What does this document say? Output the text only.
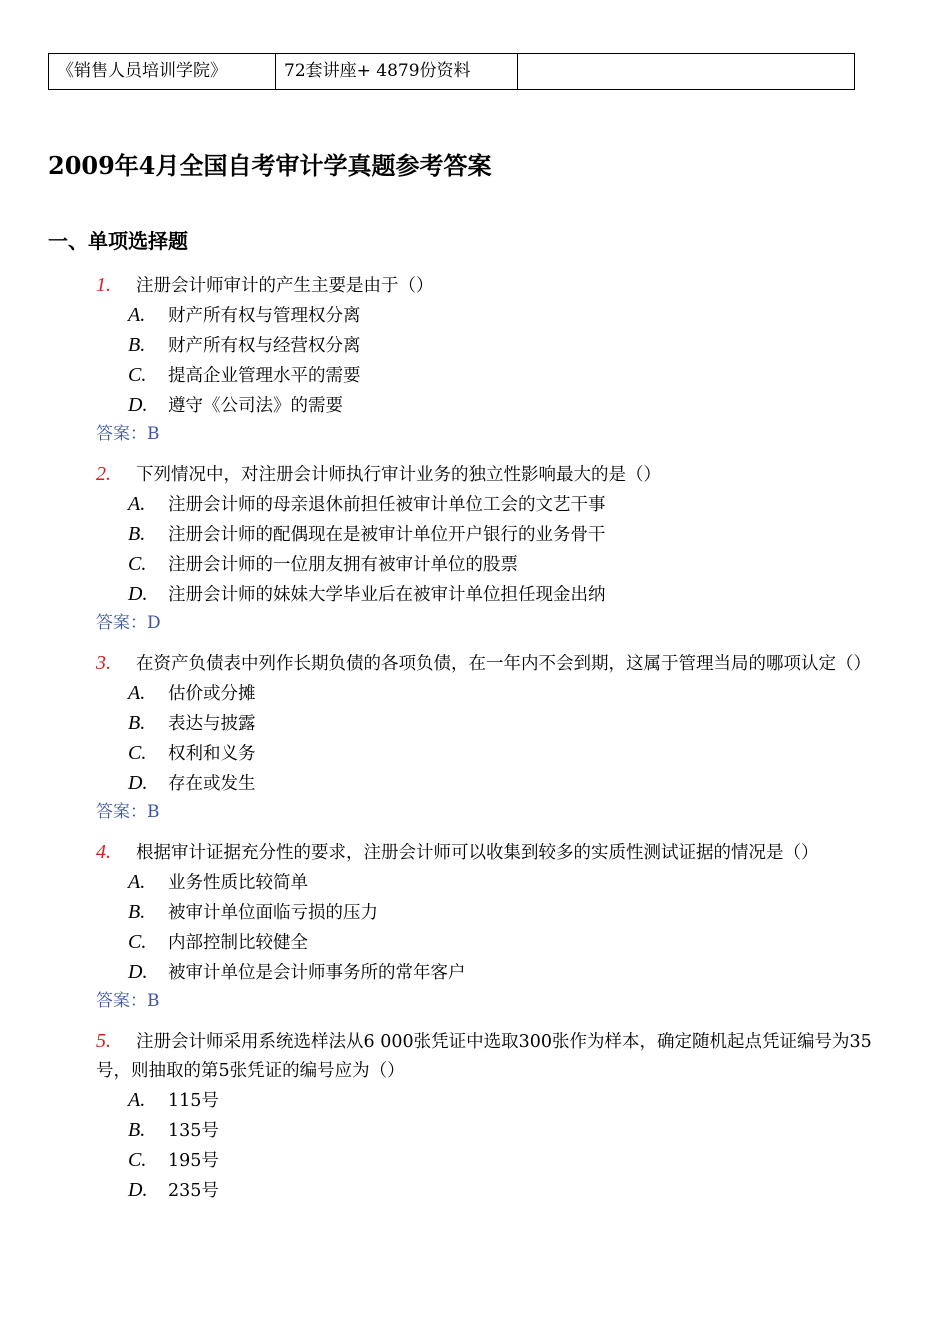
《销售人员培训学院》	72套讲座+ 4879份资料	
2009年4月全国自考审计学真题参考答案
一、单项选择题
1. 注册会计师审计的产生主要是由于（）
A. 财产所有权与管理权分离
B. 财产所有权与经营权分离
C. 提高企业管理水平的需要
D. 遵守《公司法》的需要
答案：B
2. 下列情况中，对注册会计师执行审计业务的独立性影响最大的是（）
A. 注册会计师的母亲退休前担任被审计单位工会的文艺干事
B. 注册会计师的配偶现在是被审计单位开户银行的业务骨干
C. 注册会计师的一位朋友拥有被审计单位的股票
D. 注册会计师的妹妹大学毕业后在被审计单位担任现金出纳
答案：D
3. 在资产负债表中列作长期负债的各项负债，在一年内不会到期，这属于管理当局的哪项认定（）
A. 估价或分摊
B. 表达与披露
C. 权利和义务
D. 存在或发生
答案：B
4. 根据审计证据充分性的要求，注册会计师可以收集到较多的实质性测试证据的情况是（）
A. 业务性质比较简单
B. 被审计单位面临亏损的压力
C. 内部控制比较健全
D. 被审计单位是会计师事务所的常年客户
答案：B
5. 注册会计师采用系统选样法从6 000张凭证中选取300张作为样本，确定随机起点凭证编号为35号，则抽取的第5张凭证的编号应为（）
A. 115号
B. 135号
C. 195号
D. 235号
